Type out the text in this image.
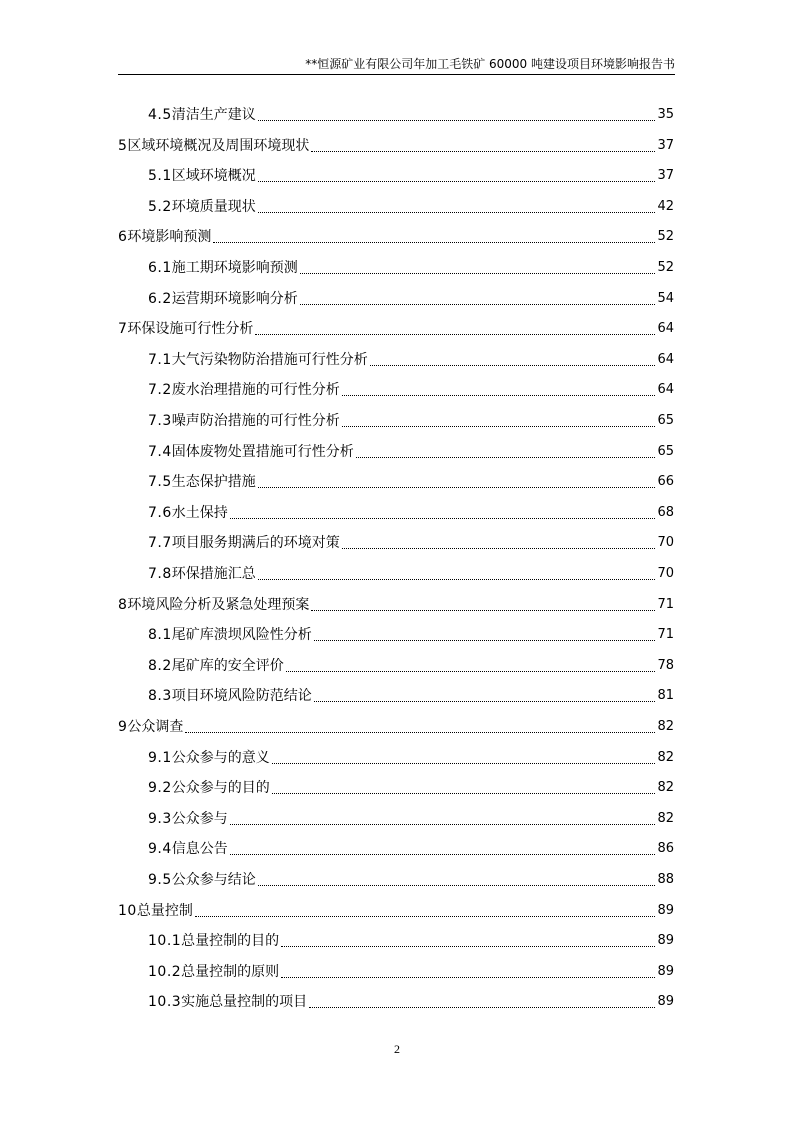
**恒源矿业有限公司年加工毛铁矿 60000 吨建设项目环境影响报告书
4.5 清洁生产建议	35
5 区域环境概况及周围环境现状	37
5.1 区域环境概况	37
5.2 环境质量现状	42
6 环境影响预测	52
6.1 施工期环境影响预测	52
6.2 运营期环境影响分析	54
7 环保设施可行性分析	64
7.1 大气污染物防治措施可行性分析	64
7.2 废水治理措施的可行性分析	64
7.3 噪声防治措施的可行性分析	65
7.4 固体废物处置措施可行性分析	65
7.5 生态保护措施	66
7.6 水土保持	68
7.7 项目服务期满后的环境对策	70
7.8 环保措施汇总	70
8 环境风险分析及紧急处理预案	71
8.1 尾矿库溃坝风险性分析	71
8.2 尾矿库的安全评价	78
8.3 项目环境风险防范结论	81
9 公众调查	82
9.1 公众参与的意义	82
9.2 公众参与的目的	82
9.3 公众参与	82
9.4 信息公告	86
9.5 公众参与结论	88
10 总量控制	89
10.1 总量控制的目的	89
10.2 总量控制的原则	89
10.3 实施总量控制的项目	89
2
